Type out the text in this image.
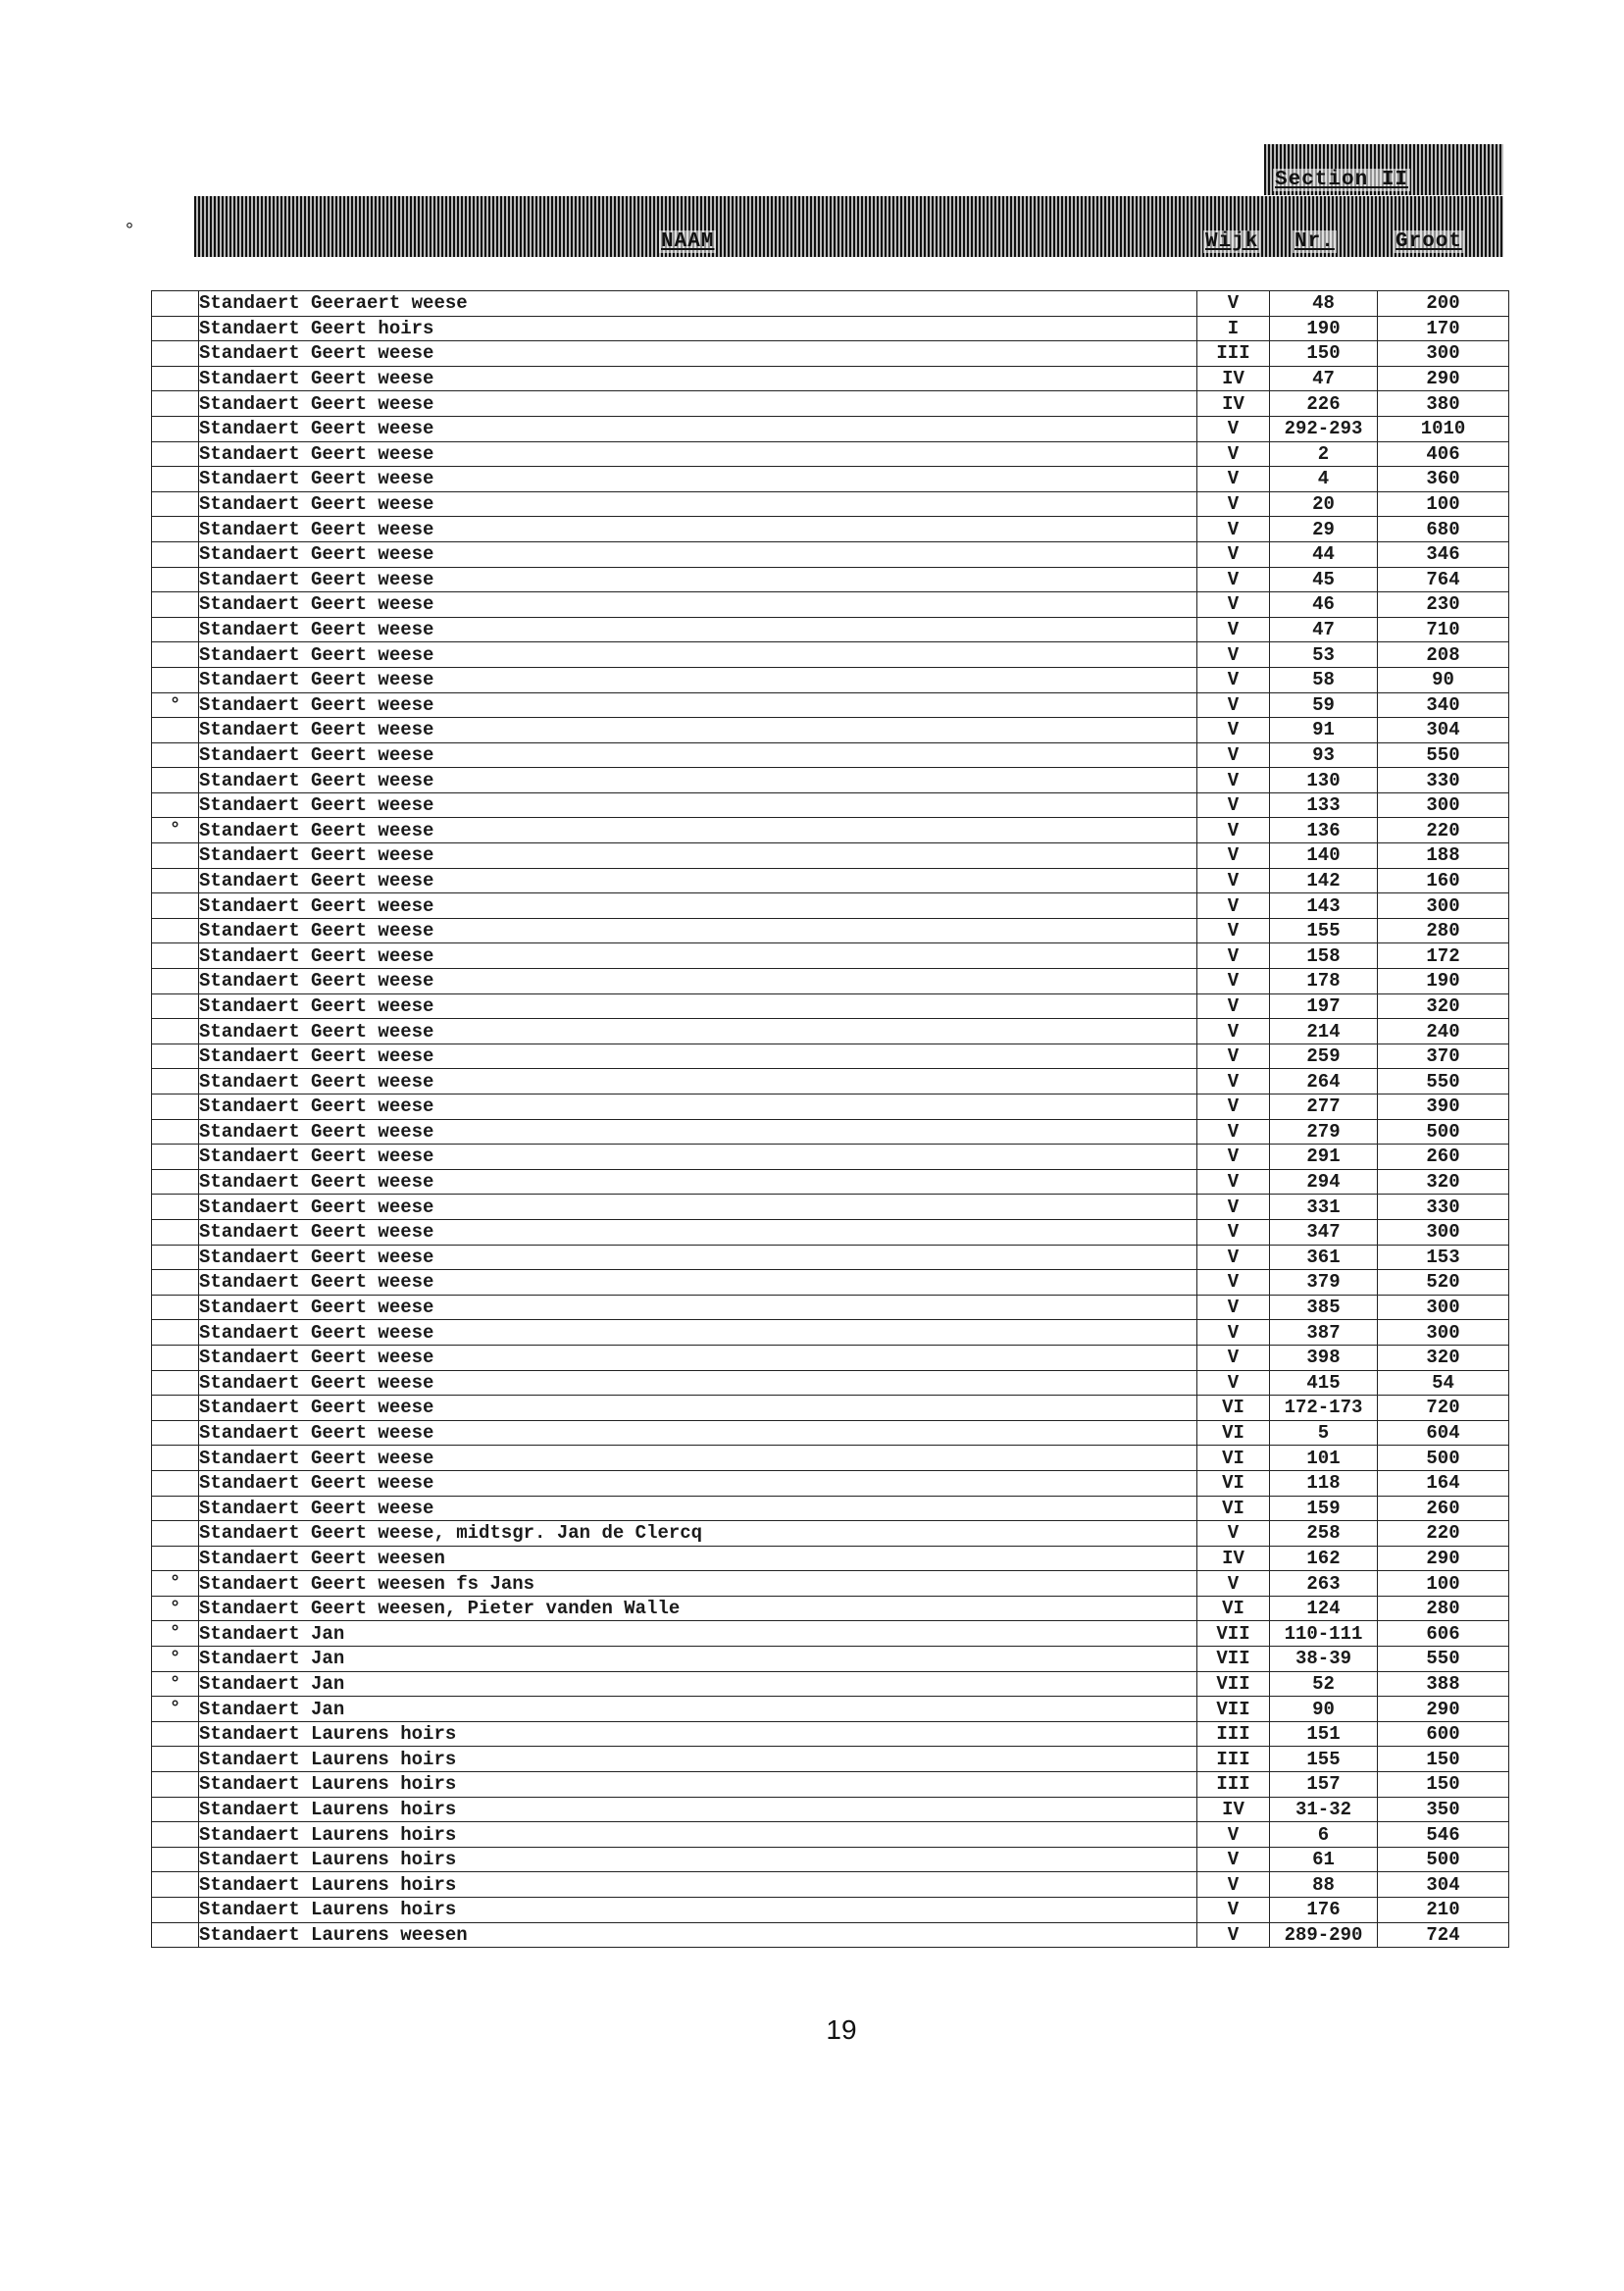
°
Section II
NAAM	Wijk Nr.	Groot
	Standaert Geeraert weese	V	48	200
	Standaert Geert hoirs	I	190	170
	Standaert Geert weese	III	150	300
	Standaert Geert weese	IV	47	290
	Standaert Geert weese	IV	226	380
	Standaert Geert weese	V	292-293	1010
	Standaert Geert weese	V	2	406
	Standaert Geert weese	V	4	360
	Standaert Geert weese	V	20	100
	Standaert Geert weese	V	29	680
	Standaert Geert weese	V	44	346
	Standaert Geert weese	V	45	764
	Standaert Geert weese	V	46	230
	Standaert Geert weese	V	47	710
	Standaert Geert weese	V	53	208
	Standaert Geert weese	V	58	90
°	Standaert Geert weese	V	59	340
	Standaert Geert weese	V	91	304
	Standaert Geert weese	V	93	550
	Standaert Geert weese	V	130	330
	Standaert Geert weese	V	133	300
°	Standaert Geert weese	V	136	220
	Standaert Geert weese	V	140	188
	Standaert Geert weese	V	142	160
	Standaert Geert weese	V	143	300
	Standaert Geert weese	V	155	280
	Standaert Geert weese	V	158	172
	Standaert Geert weese	V	178	190
	Standaert Geert weese	V	197	320
	Standaert Geert weese	V	214	240
	Standaert Geert weese	V	259	370
	Standaert Geert weese	V	264	550
	Standaert Geert weese	V	277	390
	Standaert Geert weese	V	279	500
	Standaert Geert weese	V	291	260
	Standaert Geert weese	V	294	320
	Standaert Geert weese	V	331	330
	Standaert Geert weese	V	347	300
	Standaert Geert weese	V	361	153
	Standaert Geert weese	V	379	520
	Standaert Geert weese	V	385	300
	Standaert Geert weese	V	387	300
	Standaert Geert weese	V	398	320
	Standaert Geert weese	V	415	54
	Standaert Geert weese	VI	172-173	720
	Standaert Geert weese	VI	5	604
	Standaert Geert weese	VI	101	500
	Standaert Geert weese	VI	118	164
	Standaert Geert weese	VI	159	260
	Standaert Geert weese, midtsgr. Jan de Clercq	V	258	220
	Standaert Geert weesen	IV	162	290
°	Standaert Geert weesen fs Jans	V	263	100
°	Standaert Geert weesen, Pieter vanden Walle	VI	124	280
°	Standaert Jan	VII	110-111	606
°	Standaert Jan	VII	38-39	550
°	Standaert Jan	VII	52	388
°	Standaert Jan	VII	90	290
	Standaert Laurens hoirs	III	151	600
	Standaert Laurens hoirs	III	155	150
	Standaert Laurens hoirs	III	157	150
	Standaert Laurens hoirs	IV	31-32	350
	Standaert Laurens hoirs	V	6	546
	Standaert Laurens hoirs	V	61	500
	Standaert Laurens hoirs	V	88	304
	Standaert Laurens hoirs	V	176	210
	Standaert Laurens weesen	V	289-290	724
19
